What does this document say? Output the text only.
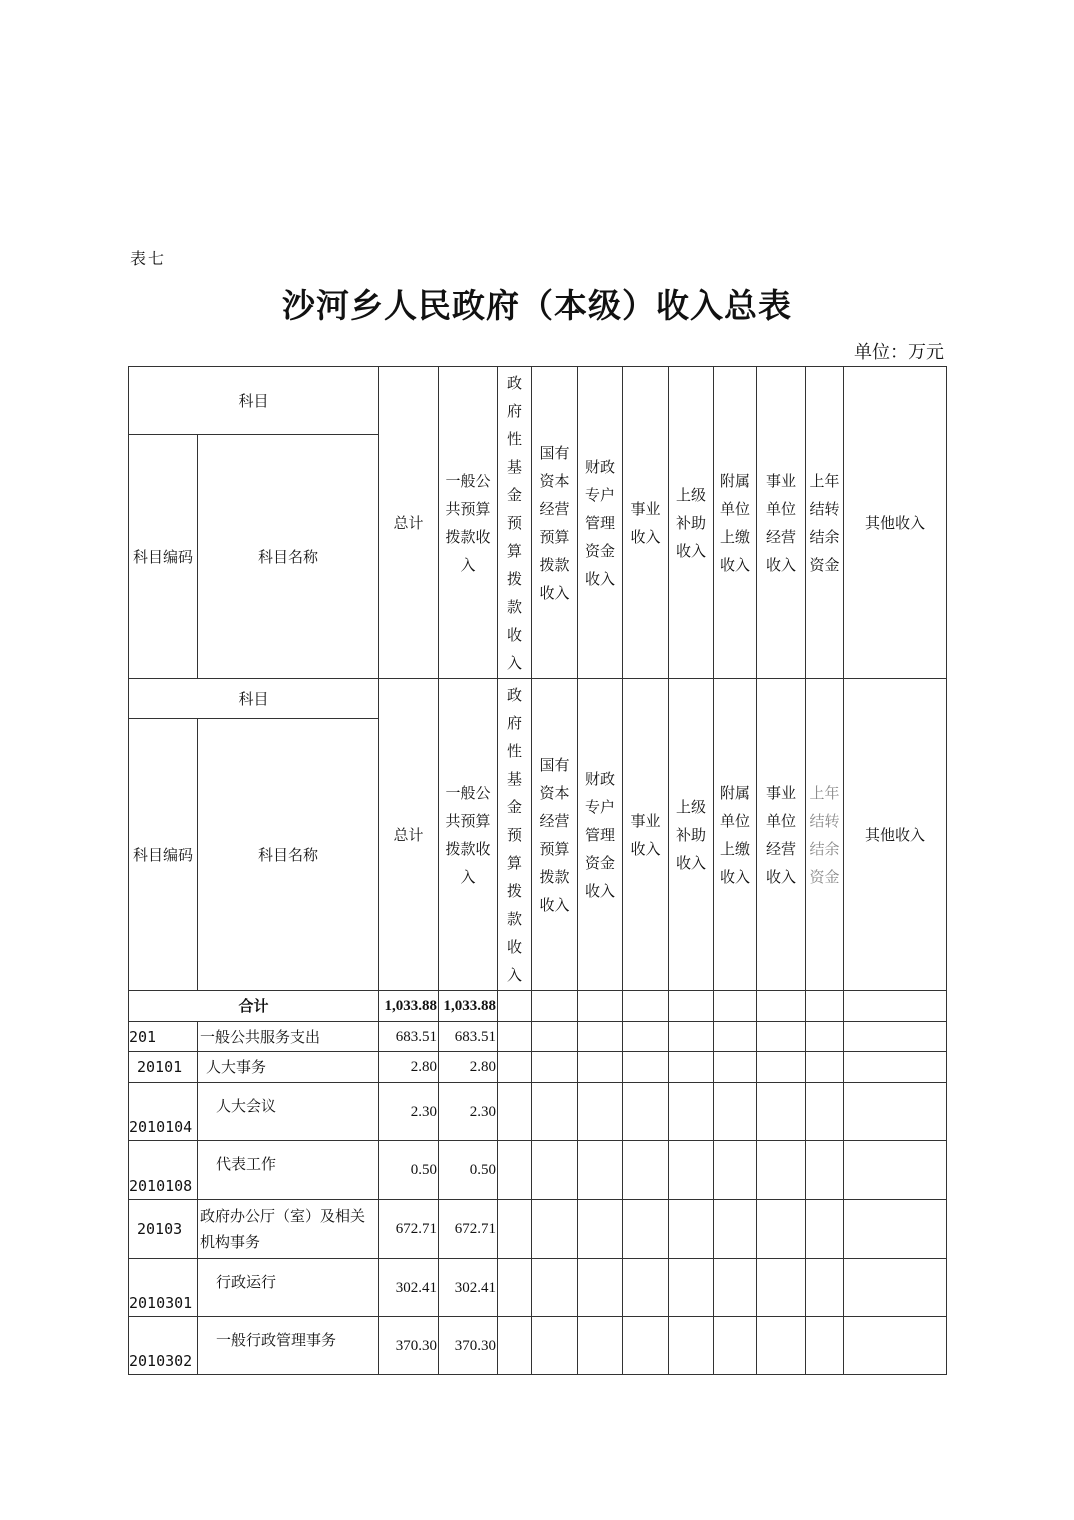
表七
沙河乡人民政府（本级）收入总表
单位：万元
科目		总计	一般公共预算拨款收入	政府性基金预算拨款收入	国有资本经营预算拨款收入	财政专户管理资金收入	事业收入	上级补助收入	附属单位上缴收入	事业单位经营收入	上年结转结余资金	其他收入
科目编码	科目名称											
科目		总计	一般公共预算拨款收入	政府性基金预算拨款收入	国有资本经营预算拨款收入	财政专户管理资金收入	事业收入	上级补助收入	附属单位上缴收入	事业单位经营收入	上年结转结余资金	其他收入
科目编码	科目名称											
合计		1,033.88	1,033.88									
201	一般公共服务支出	683.51	683.51									
20101	人大事务	2.80	2.80									
2010104	人大会议	2.30	2.30									
2010108	代表工作	0.50	0.50									
20103	政府办公厅（室）及相关机构事务	672.71	672.71									
2010301	行政运行	302.41	302.41									
2010302	一般行政管理事务	370.30	370.30									
